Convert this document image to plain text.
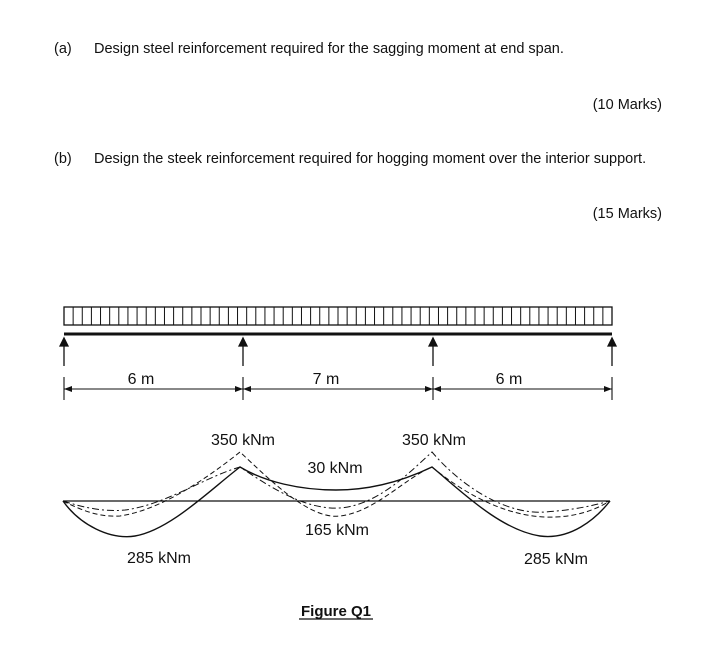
(a) Design steel reinforcement required for the sagging moment at end span.
(10 Marks)
(b) Design the steek reinforcement required for hogging moment over the interior support.
(15 Marks)
6 m	7 m	6 m
350 kNm	350 kNm
30 kNm
165 kNm
285 kNm	285 kNm
Figure Q1
